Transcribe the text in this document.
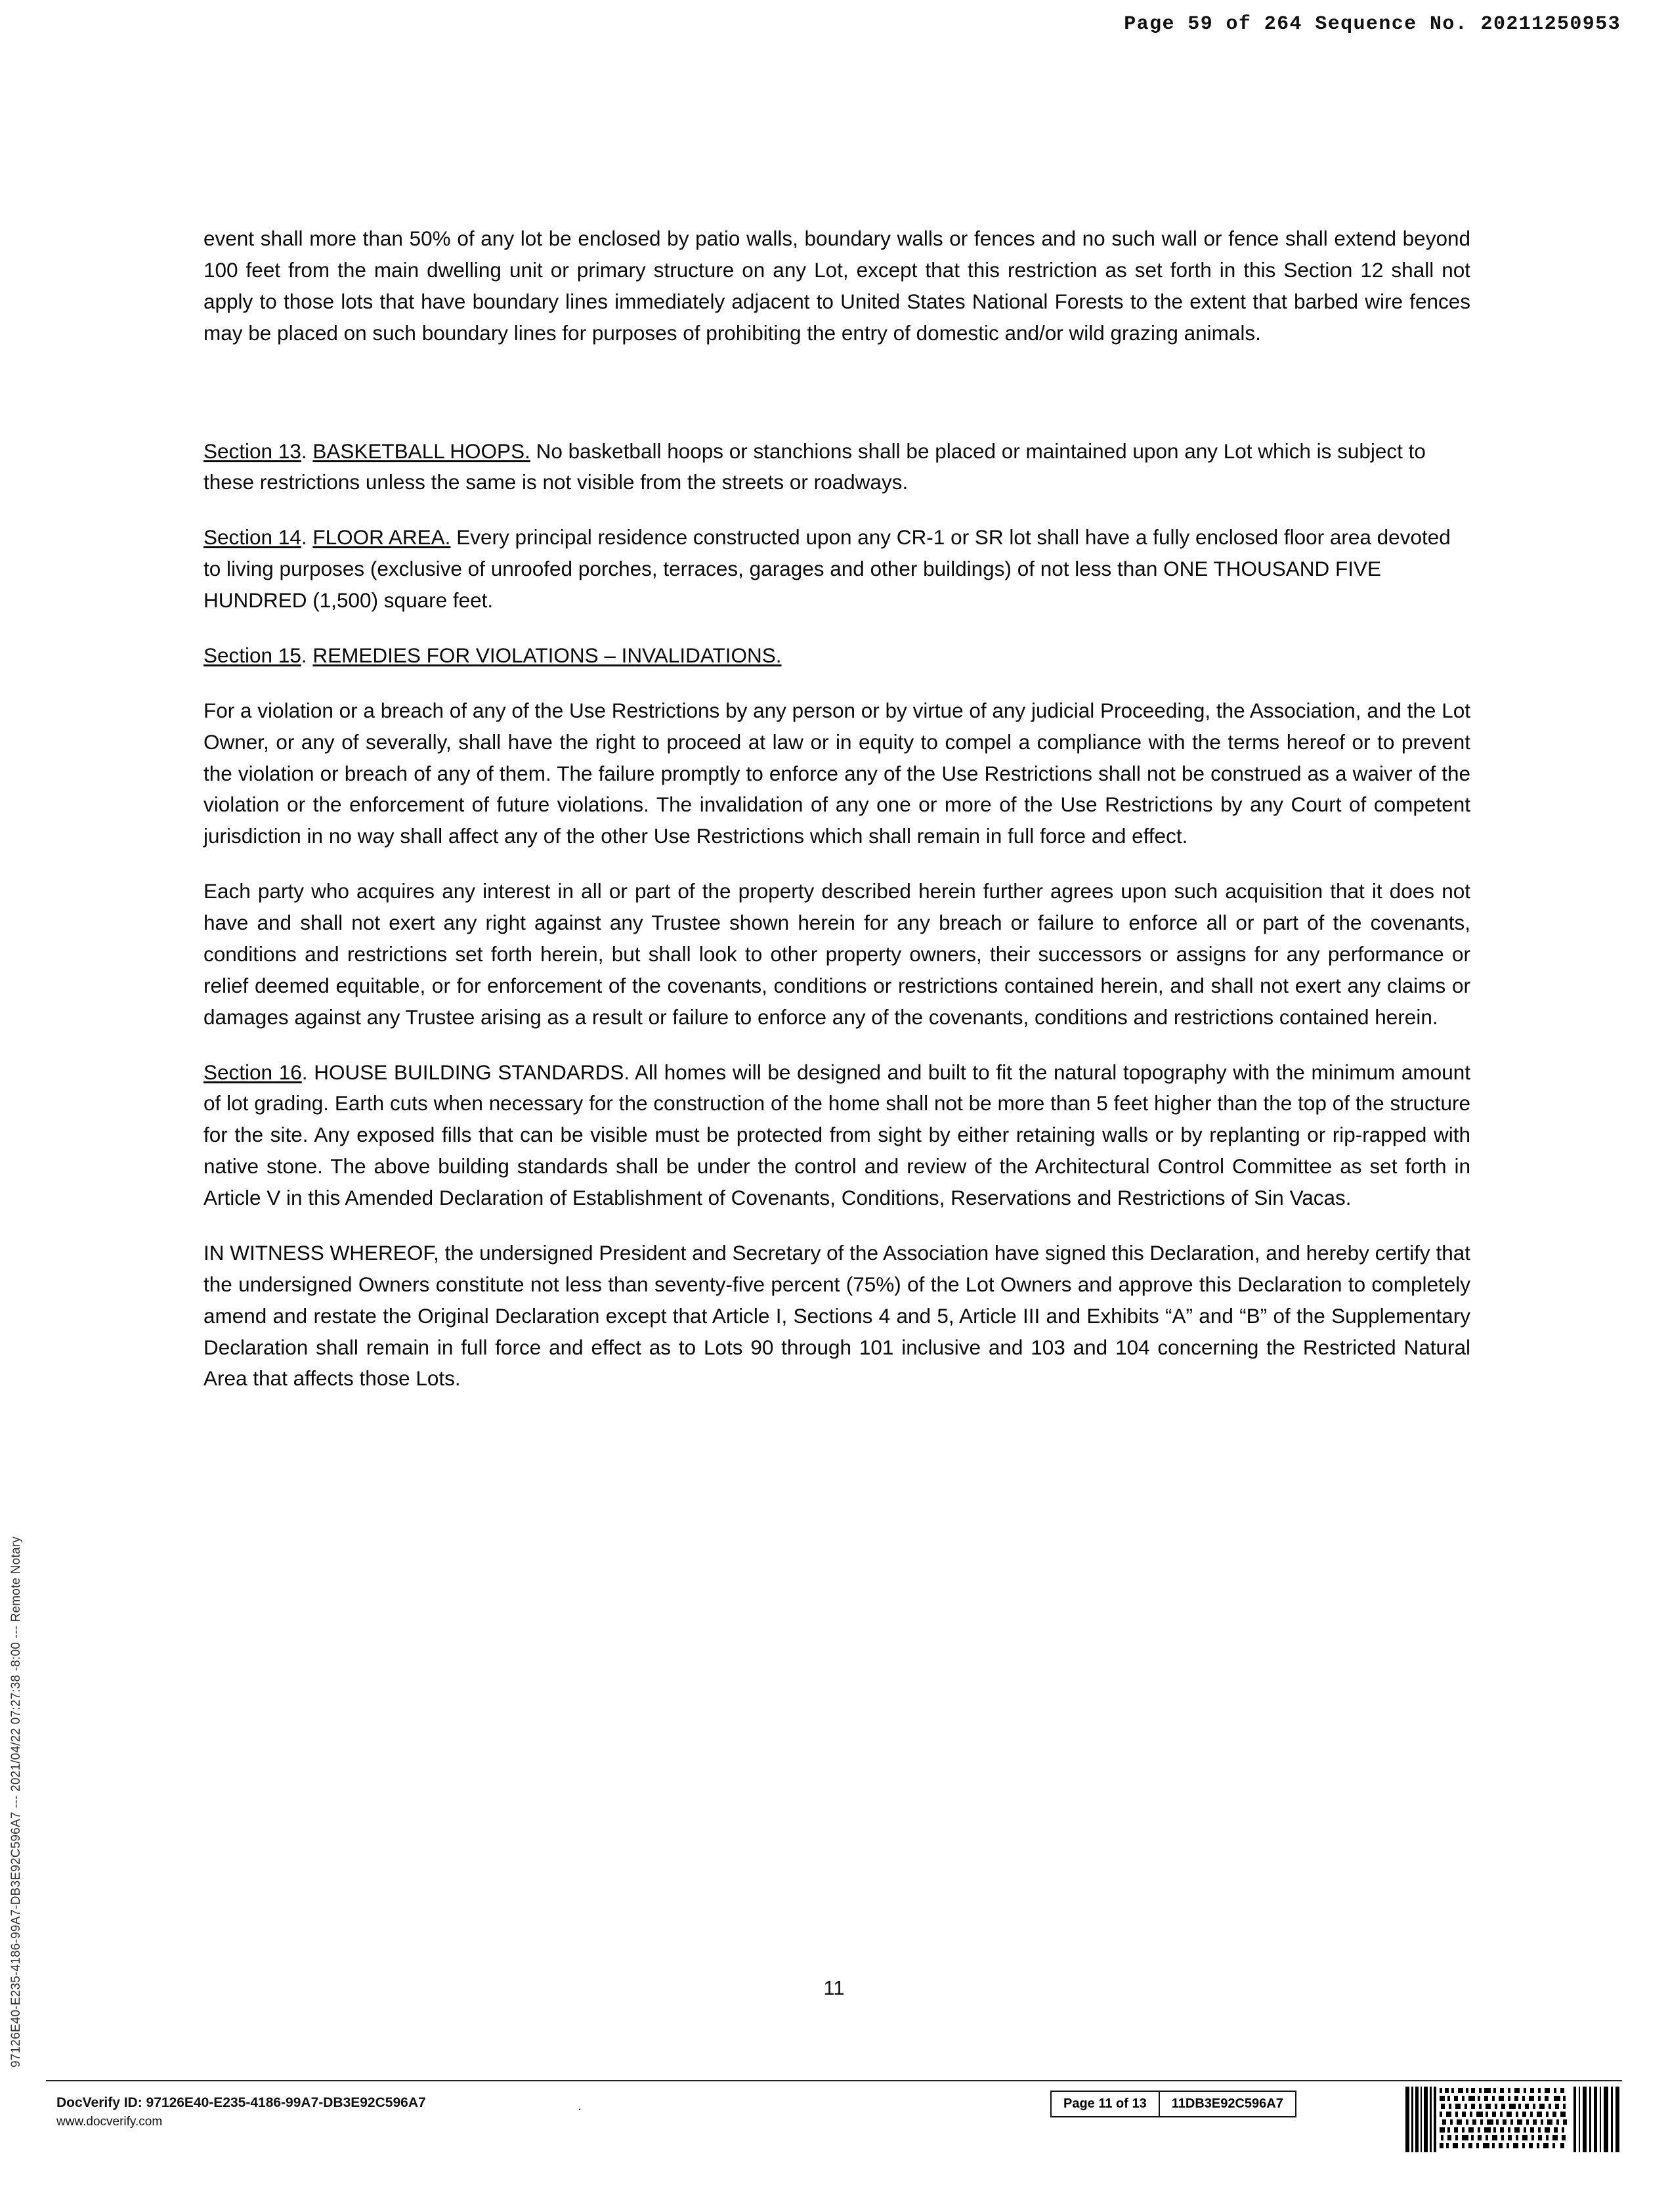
Page 59 of 264 Sequence No. 20211250953
97126E40-E235-4186-99A7-DB3E92C596A7 --- 2021/04/22 07:27:38 -8:00 --- Remote Notary

event shall more than 50% of any lot be enclosed by patio walls, boundary walls or fences and no such wall or fence shall extend beyond 100 feet from the main dwelling unit or primary structure on any Lot, except that this restriction as set forth in this Section 12 shall not apply to those lots that have boundary lines immediately adjacent to United States National Forests to the extent that barbed wire fences may be placed on such boundary lines for purposes of prohibiting the entry of domestic and/or wild grazing animals.

Section 13. BASKETBALL HOOPS. No basketball hoops or stanchions shall be placed or maintained upon any Lot which is subject to these restrictions unless the same is not visible from the streets or roadways.

Section 14. FLOOR AREA. Every principal residence constructed upon any CR-1 or SR lot shall have a fully enclosed floor area devoted to living purposes (exclusive of unroofed porches, terraces, garages and other buildings) of not less than ONE THOUSAND FIVE HUNDRED (1,500) square feet.

Section 15. REMEDIES FOR VIOLATIONS – INVALIDATIONS.

For a violation or a breach of any of the Use Restrictions by any person or by virtue of any judicial Proceeding, the Association, and the Lot Owner, or any of severally, shall have the right to proceed at law or in equity to compel a compliance with the terms hereof or to prevent the violation or breach of any of them. The failure promptly to enforce any of the Use Restrictions shall not be construed as a waiver of the violation or the enforcement of future violations. The invalidation of any one or more of the Use Restrictions by any Court of competent jurisdiction in no way shall affect any of the other Use Restrictions which shall remain in full force and effect.

Each party who acquires any interest in all or part of the property described herein further agrees upon such acquisition that it does not have and shall not exert any right against any Trustee shown herein for any breach or failure to enforce all or part of the covenants, conditions and restrictions set forth herein, but shall look to other property owners, their successors or assigns for any performance or relief deemed equitable, or for enforcement of the covenants, conditions or restrictions contained herein, and shall not exert any claims or damages against any Trustee arising as a result or failure to enforce any of the covenants, conditions and restrictions contained herein.

Section 16. HOUSE BUILDING STANDARDS. All homes will be designed and built to fit the natural topography with the minimum amount of lot grading. Earth cuts when necessary for the construction of the home shall not be more than 5 feet higher than the top of the structure for the site. Any exposed fills that can be visible must be protected from sight by either retaining walls or by replanting or rip-rapped with native stone. The above building standards shall be under the control and review of the Architectural Control Committee as set forth in Article V in this Amended Declaration of Establishment of Covenants, Conditions, Reservations and Restrictions of Sin Vacas.

IN WITNESS WHEREOF, the undersigned President and Secretary of the Association have signed this Declaration, and hereby certify that the undersigned Owners constitute not less than seventy-five percent (75%) of the Lot Owners and approve this Declaration to completely amend and restate the Original Declaration except that Article I, Sections 4 and 5, Article III and Exhibits “A” and “B” of the Supplementary Declaration shall remain in full force and effect as to Lots 90 through 101 inclusive and 103 and 104 concerning the Restricted Natural Area that affects those Lots.

11
DocVerify ID: 97126E40-E235-4186-99A7-DB3E92C596A7
www.docverify.com
.	Page 11 of 13	11DB3E92C596A7
